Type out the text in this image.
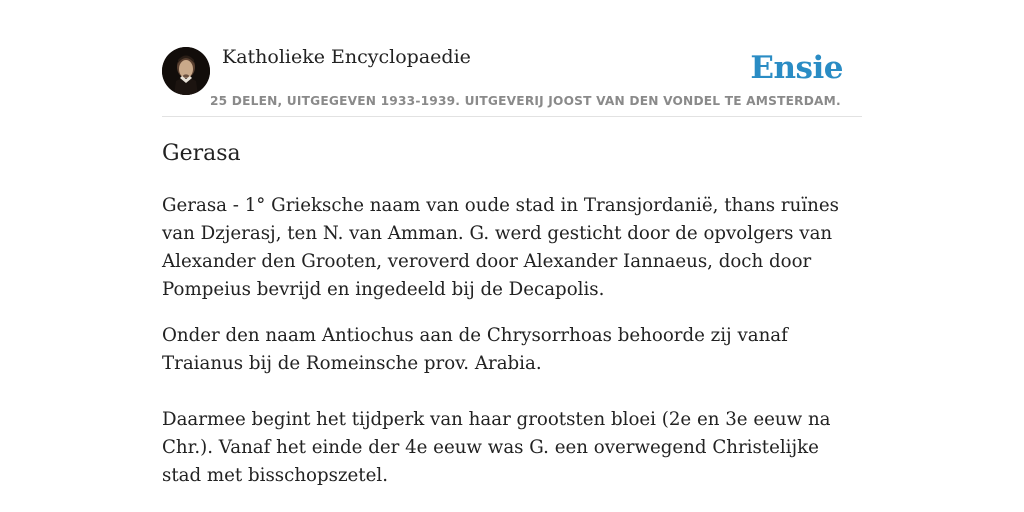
Katholieke Encyclopaedie
25 DELEN, UITGEGEVEN 1933-1939. UITGEVERIJ JOOST VAN DEN VONDEL TE AMSTERDAM.
Ensie
Gerasa

Gerasa - 1° Grieksche naam van oude stad in Transjordanië, thans ruïnes van Dzjerasj, ten N. van Amman. G. werd gesticht door de opvolgers van Alexander den Grooten, veroverd door Alexander Iannaeus, doch door Pompeius bevrijd en ingedeeld bij de Decapolis.

Onder den naam Antiochus aan de Chrysorrhoas behoorde zij vanaf Traianus bij de Romeinsche prov. Arabia.

Daarmee begint het tijdperk van haar grootsten bloei (2e en 3e eeuw na Chr.). Vanaf het einde der 4e eeuw was G. een overwegend Christelijke stad met bisschopszetel.
